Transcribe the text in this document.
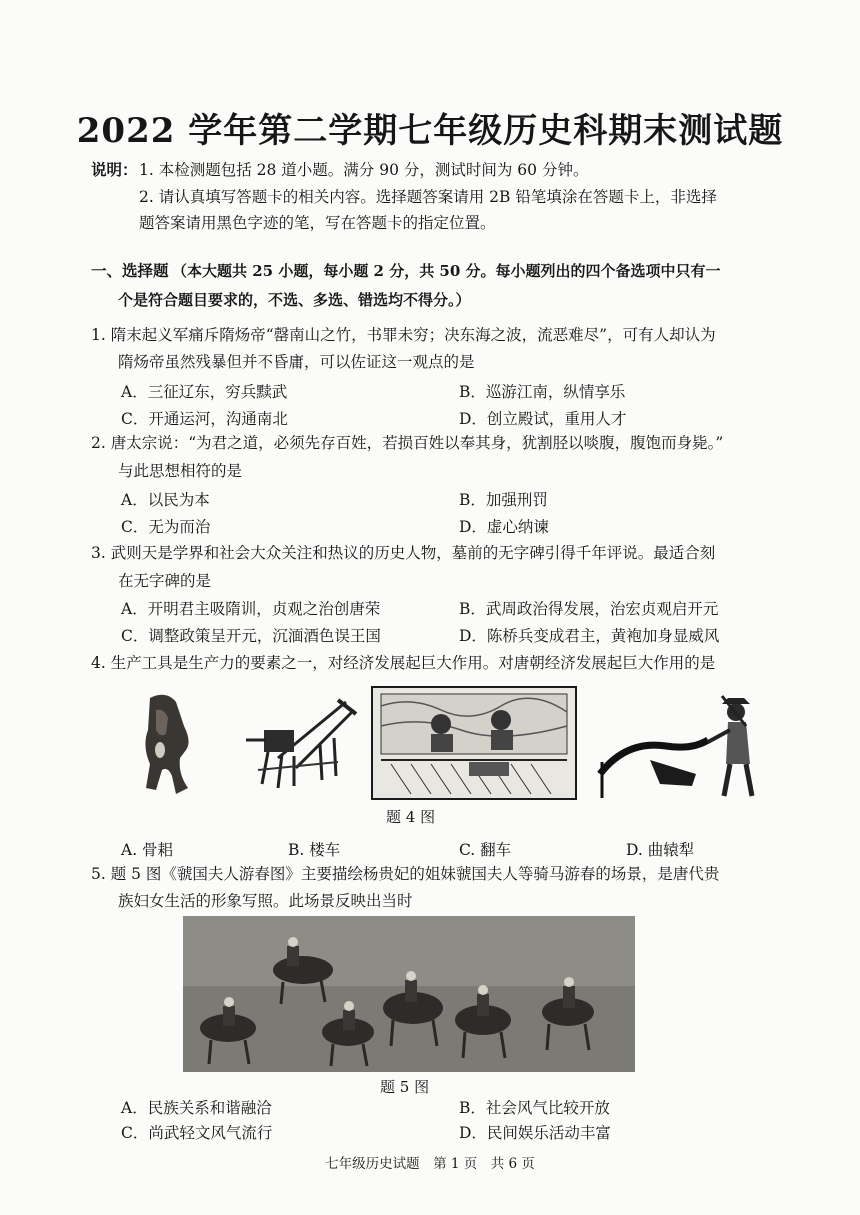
2022 学年第二学期七年级历史科期末测试题
说明： 1. 本检测题包括 28 道小题。满分 90 分，测试时间为 60 分钟。
2. 请认真填写答题卡的相关内容。选择题答案请用 2B 铅笔填涂在答题卡上，非选择
题答案请用黑色字迹的笔，写在答题卡的指定位置。
一、选择题 （本大题共 25 小题，每小题 2 分，共 50 分。每小题列出的四个备选项中只有一
个是符合题目要求的，不选、多选、错选均不得分。）
1. 隋末起义军痛斥隋炀帝“罄南山之竹，书罪未穷；决东海之波，流恶难尽”，可有人却认为
隋炀帝虽然残暴但并不昏庸，可以佐证这一观点的是
A．三征辽东，穷兵黩武	B．巡游江南，纵情享乐
C．开通运河，沟通南北	D．创立殿试，重用人才
2. 唐太宗说：“为君之道，必须先存百姓，若损百姓以奉其身，犹割胫以啖腹，腹饱而身毙。”
与此思想相符的是
A．以民为本	B．加强刑罚
C．无为而治	D．虚心纳谏
3. 武则天是学界和社会大众关注和热议的历史人物，墓前的无字碑引得千年评说。最适合刻
在无字碑的是
A．开明君主吸隋训，贞观之治创唐荣	B．武周政治得发展，治宏贞观启开元
C．调整政策呈开元，沉湎酒色误王国	D．陈桥兵变成君主，黄袍加身显威风
4. 生产工具是生产力的要素之一，对经济发展起巨大作用。对唐朝经济发展起巨大作用的是
题 4 图
A. 骨耜	B. 楼车	C. 翻车	D. 曲辕犁
5. 题 5 图《虢国夫人游春图》主要描绘杨贵妃的姐妹虢国夫人等骑马游春的场景，是唐代贵
族妇女生活的形象写照。此场景反映出当时
题 5 图
A．民族关系和谐融洽	B．社会风气比较开放
C．尚武轻文风气流行	D．民间娱乐活动丰富
七年级历史试题　第 1 页　共 6 页
